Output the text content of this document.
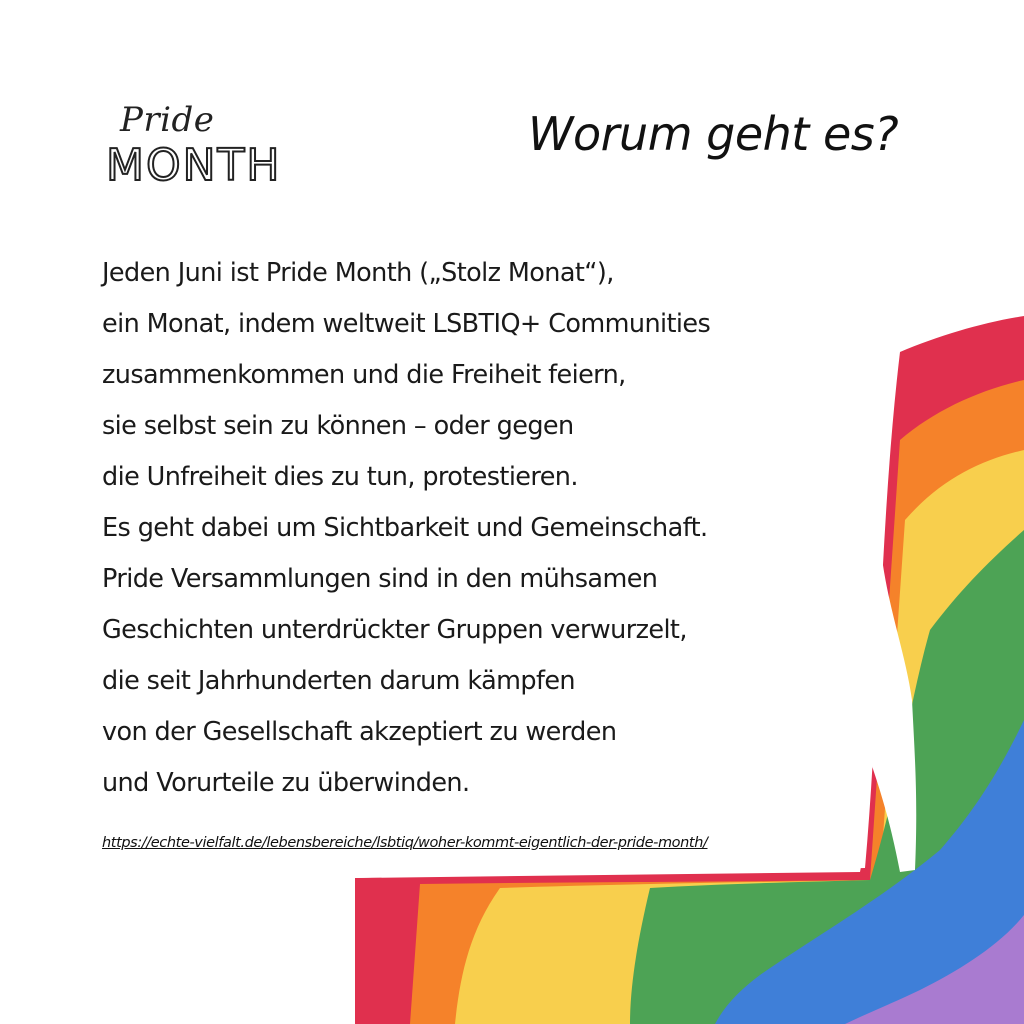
Pride
MONTH
Worum geht es?
Jeden Juni ist Pride Month („Stolz Monat“),
ein Monat, indem weltweit LSBTIQ+ Communities
zusammenkommen und die Freiheit feiern,
sie selbst sein zu können – oder gegen
die Unfreiheit dies zu tun, protestieren.
Es geht dabei um Sichtbarkeit und Gemeinschaft.
Pride Versammlungen sind in den mühsamen
Geschichten unterdrückter Gruppen verwurzelt,
die seit Jahrhunderten darum kämpfen
von der Gesellschaft akzeptiert zu werden
und Vorurteile zu überwinden.
https://echte-vielfalt.de/lebensbereiche/lsbtiq/woher-kommt-eigentlich-der-pride-month/
